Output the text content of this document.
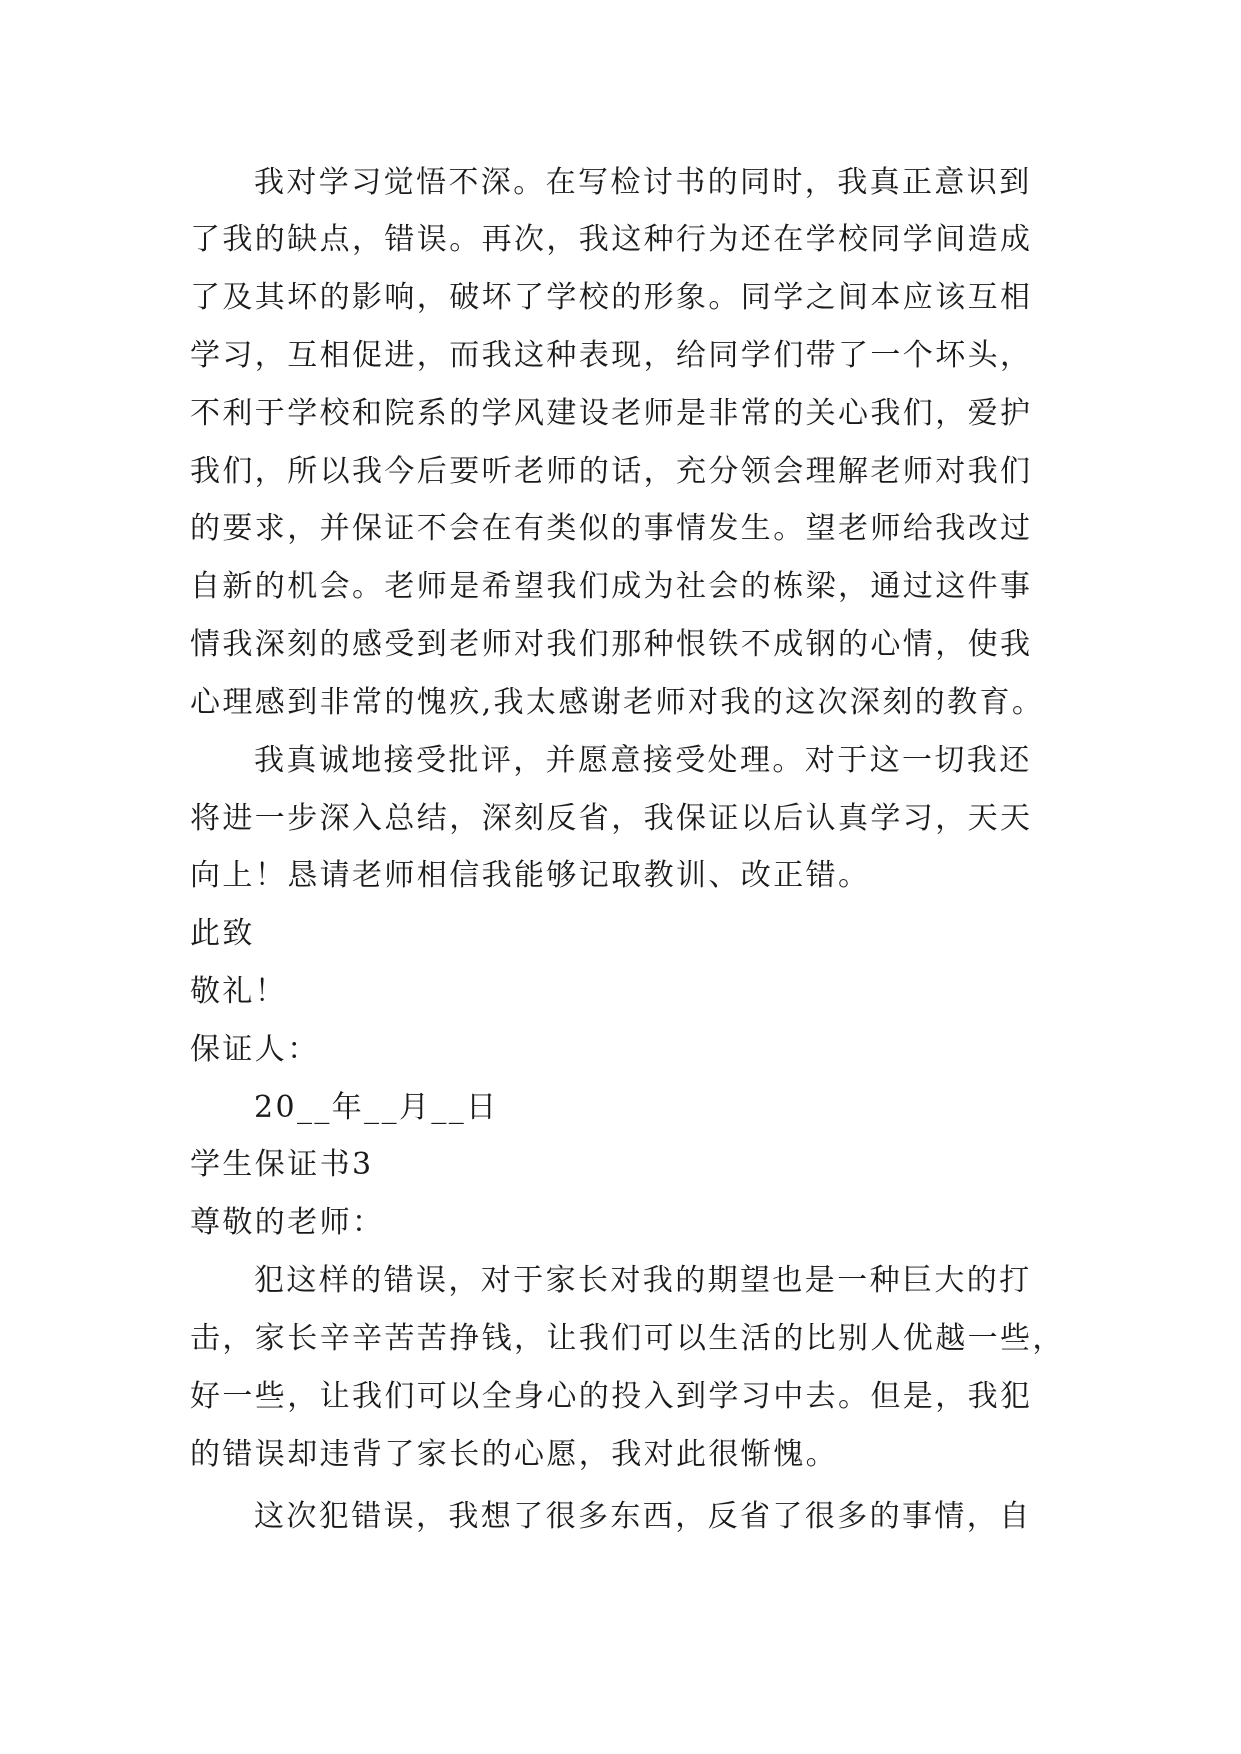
我对学习觉悟不深。在写检讨书的同时，我真正意识到
了我的缺点，错误。再次，我这种行为还在学校同学间造成
了及其坏的影响，破坏了学校的形象。同学之间本应该互相
学习，互相促进，而我这种表现，给同学们带了一个坏头，
不利于学校和院系的学风建设老师是非常的关心我们，爱护
我们，所以我今后要听老师的话，充分领会理解老师对我们
的要求，并保证不会在有类似的事情发生。望老师给我改过
自新的机会。老师是希望我们成为社会的栋梁，通过这件事
情我深刻的感受到老师对我们那种恨铁不成钢的心情，使我
心理感到非常的愧疚,我太感谢老师对我的这次深刻的教育。
我真诚地接受批评，并愿意接受处理。对于这一切我还
将进一步深入总结，深刻反省，我保证以后认真学习，天天
向上！恳请老师相信我能够记取教训、改正错。
此致
敬礼！
保证人：
20__年__月__日
学生保证书3
尊敬的老师：
犯这样的错误，对于家长对我的期望也是一种巨大的打
击，家长辛辛苦苦挣钱，让我们可以生活的比别人优越一些，
好一些，让我们可以全身心的投入到学习中去。但是，我犯
的错误却违背了家长的心愿，我对此很惭愧。
这次犯错误，我想了很多东西，反省了很多的事情，自
